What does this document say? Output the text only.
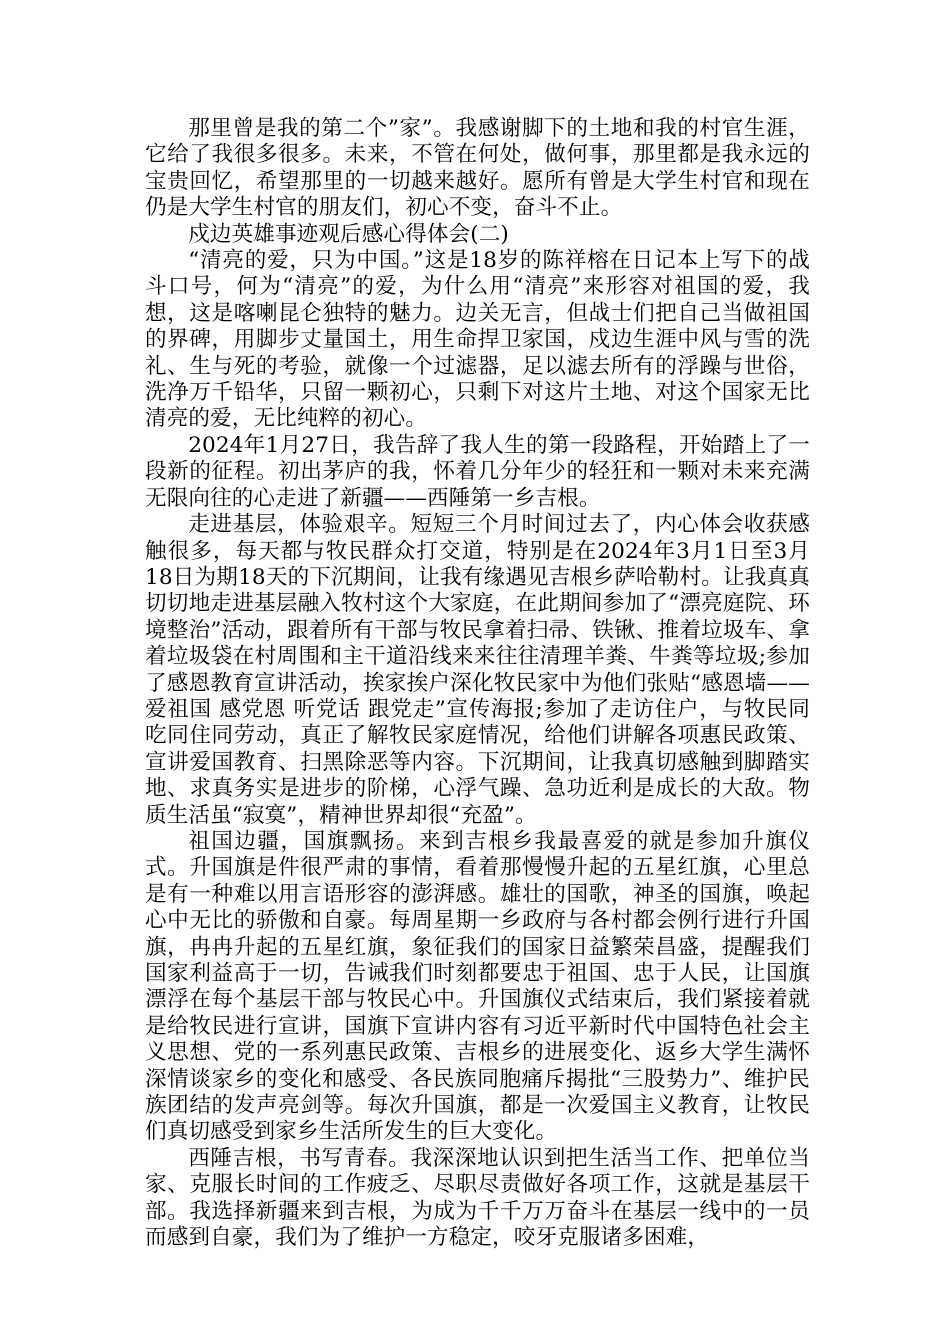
那里曾是我的第二个”家”。我感谢脚下的土地和我的村官生涯，它给了我很多很多。未来，不管在何处，做何事，那里都是我永远的宝贵回忆，希望那里的一切越来越好。愿所有曾是大学生村官和现在仍是大学生村官的朋友们，初心不变，奋斗不止。

戍边英雄事迹观后感心得体会(二)

“清亮的爱，只为中国。”这是18岁的陈祥榕在日记本上写下的战斗口号，何为“清亮”的爱，为什么用“清亮”来形容对祖国的爱，我想，这是喀喇昆仑独特的魅力。边关无言，但战士们把自己当做祖国的界碑，用脚步丈量国土，用生命捍卫家国，戍边生涯中风与雪的洗礼、生与死的考验，就像一个过滤器，足以滤去所有的浮躁与世俗，洗净万千铅华，只留一颗初心，只剩下对这片土地、对这个国家无比清亮的爱，无比纯粹的初心。

2024年1月27日，我告辞了我人生的第一段路程，开始踏上了一段新的征程。初出茅庐的我，怀着几分年少的轻狂和一颗对未来充满无限向往的心走进了新疆——西陲第一乡吉根。

走进基层，体验艰辛。短短三个月时间过去了，内心体会收获感触很多，每天都与牧民群众打交道，特别是在2024年3月1日至3月18日为期18天的下沉期间，让我有缘遇见吉根乡萨哈勒村。让我真真切切地走进基层融入牧村这个大家庭，在此期间参加了“漂亮庭院、环境整治”活动，跟着所有干部与牧民拿着扫帚、铁锹、推着垃圾车、拿着垃圾袋在村周围和主干道沿线来来往往清理羊粪、牛粪等垃圾;参加了感恩教育宣讲活动，挨家挨户深化牧民家中为他们张贴“感恩墙——爱祖国 感党恩 听党话 跟党走”宣传海报;参加了走访住户，与牧民同吃同住同劳动，真正了解牧民家庭情况，给他们讲解各项惠民政策、宣讲爱国教育、扫黑除恶等内容。下沉期间，让我真切感触到脚踏实地、求真务实是进步的阶梯，心浮气躁、急功近利是成长的大敌。物质生活虽“寂寞”，精神世界却很“充盈”。

祖国边疆，国旗飘扬。来到吉根乡我最喜爱的就是参加升旗仪式。升国旗是件很严肃的事情，看着那慢慢升起的五星红旗，心里总是有一种难以用言语形容的澎湃感。雄壮的国歌，神圣的国旗，唤起心中无比的骄傲和自豪。每周星期一乡政府与各村都会例行进行升国旗，冉冉升起的五星红旗，象征我们的国家日益繁荣昌盛，提醒我们国家利益高于一切，告诫我们时刻都要忠于祖国、忠于人民，让国旗漂浮在每个基层干部与牧民心中。升国旗仪式结束后，我们紧接着就是给牧民进行宣讲，国旗下宣讲内容有习近平新时代中国特色社会主义思想、党的一系列惠民政策、吉根乡的进展变化、返乡大学生满怀深情谈家乡的变化和感受、各民族同胞痛斥揭批“三股势力”、维护民族团结的发声亮剑等。每次升国旗，都是一次爱国主义教育，让牧民们真切感受到家乡生活所发生的巨大变化。

西陲吉根，书写青春。我深深地认识到把生活当工作、把单位当家、克服长时间的工作疲乏、尽职尽责做好各项工作，这就是基层干部。我选择新疆来到吉根，为成为千千万万奋斗在基层一线中的一员而感到自豪，我们为了维护一方稳定，咬牙克服诸多困难，
